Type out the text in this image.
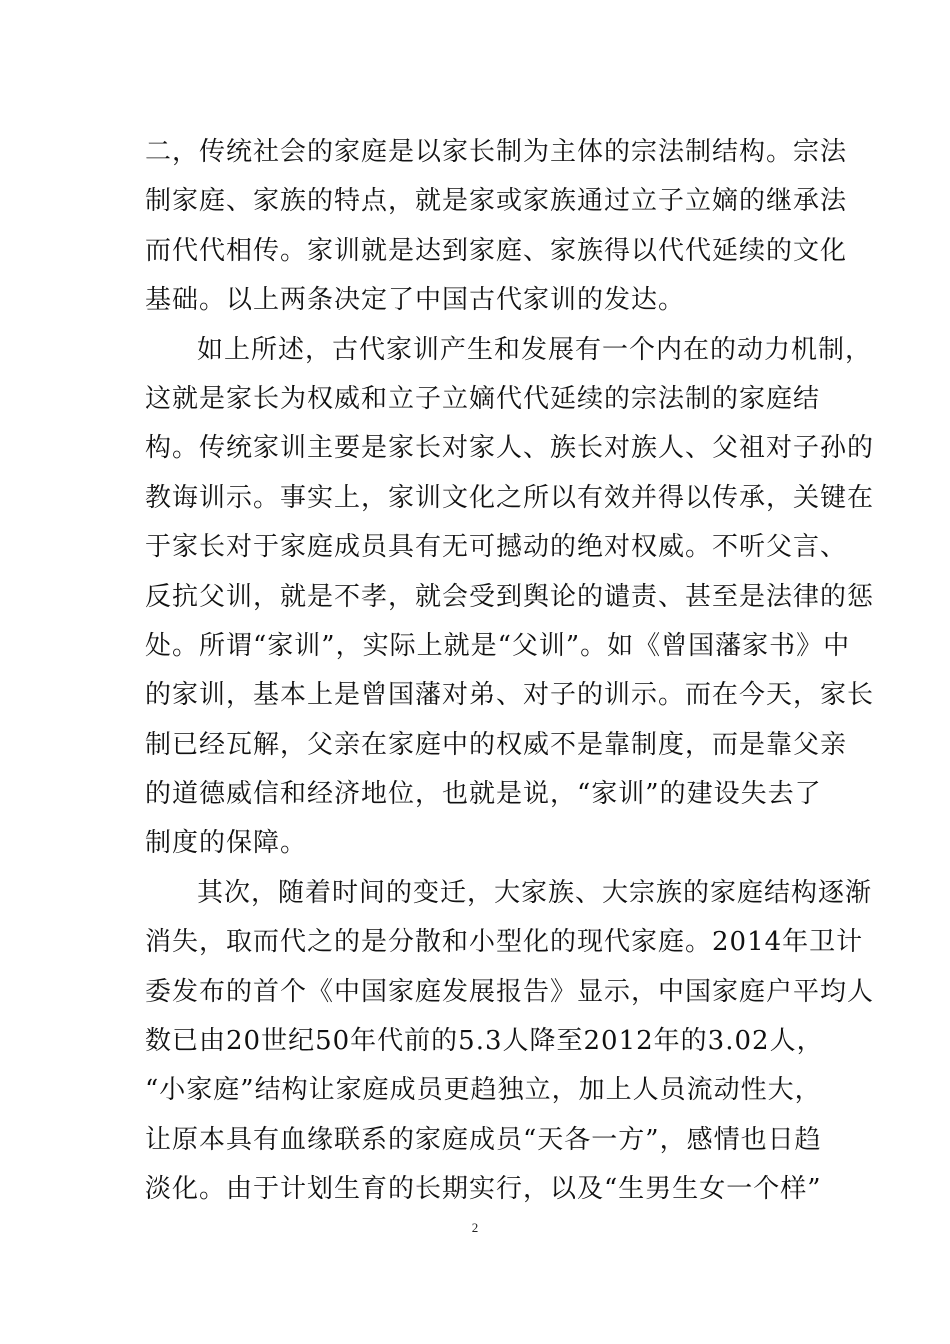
二，传统社会的家庭是以家长制为主体的宗法制结构。宗法
制家庭、家族的特点，就是家或家族通过立子立嫡的继承法
而代代相传。家训就是达到家庭、家族得以代代延续的文化
基础。以上两条决定了中国古代家训的发达。
如上所述，古代家训产生和发展有一个内在的动力机制，
这就是家长为权威和立子立嫡代代延续的宗法制的家庭结
构。传统家训主要是家长对家人、族长对族人、父祖对子孙的
教诲训示。事实上，家训文化之所以有效并得以传承，关键在
于家长对于家庭成员具有无可撼动的绝对权威。不听父言、
反抗父训，就是不孝，就会受到舆论的谴责、甚至是法律的惩
处。所谓“家训”，实际上就是“父训”。如《曾国藩家书》中
的家训，基本上是曾国藩对弟、对子的训示。而在今天，家长
制已经瓦解，父亲在家庭中的权威不是靠制度，而是靠父亲
的道德威信和经济地位，也就是说，“家训”的建设失去了
制度的保障。
其次，随着时间的变迁，大家族、大宗族的家庭结构逐渐
消失，取而代之的是分散和小型化的现代家庭。2014年卫计
委发布的首个《中国家庭发展报告》显示，中国家庭户平均人
数已由20世纪50年代前的5.3人降至2012年的3.02人，
“小家庭”结构让家庭成员更趋独立，加上人员流动性大，
让原本具有血缘联系的家庭成员“天各一方”，感情也日趋
淡化。由于计划生育的长期实行，以及“生男生女一个样”
2
